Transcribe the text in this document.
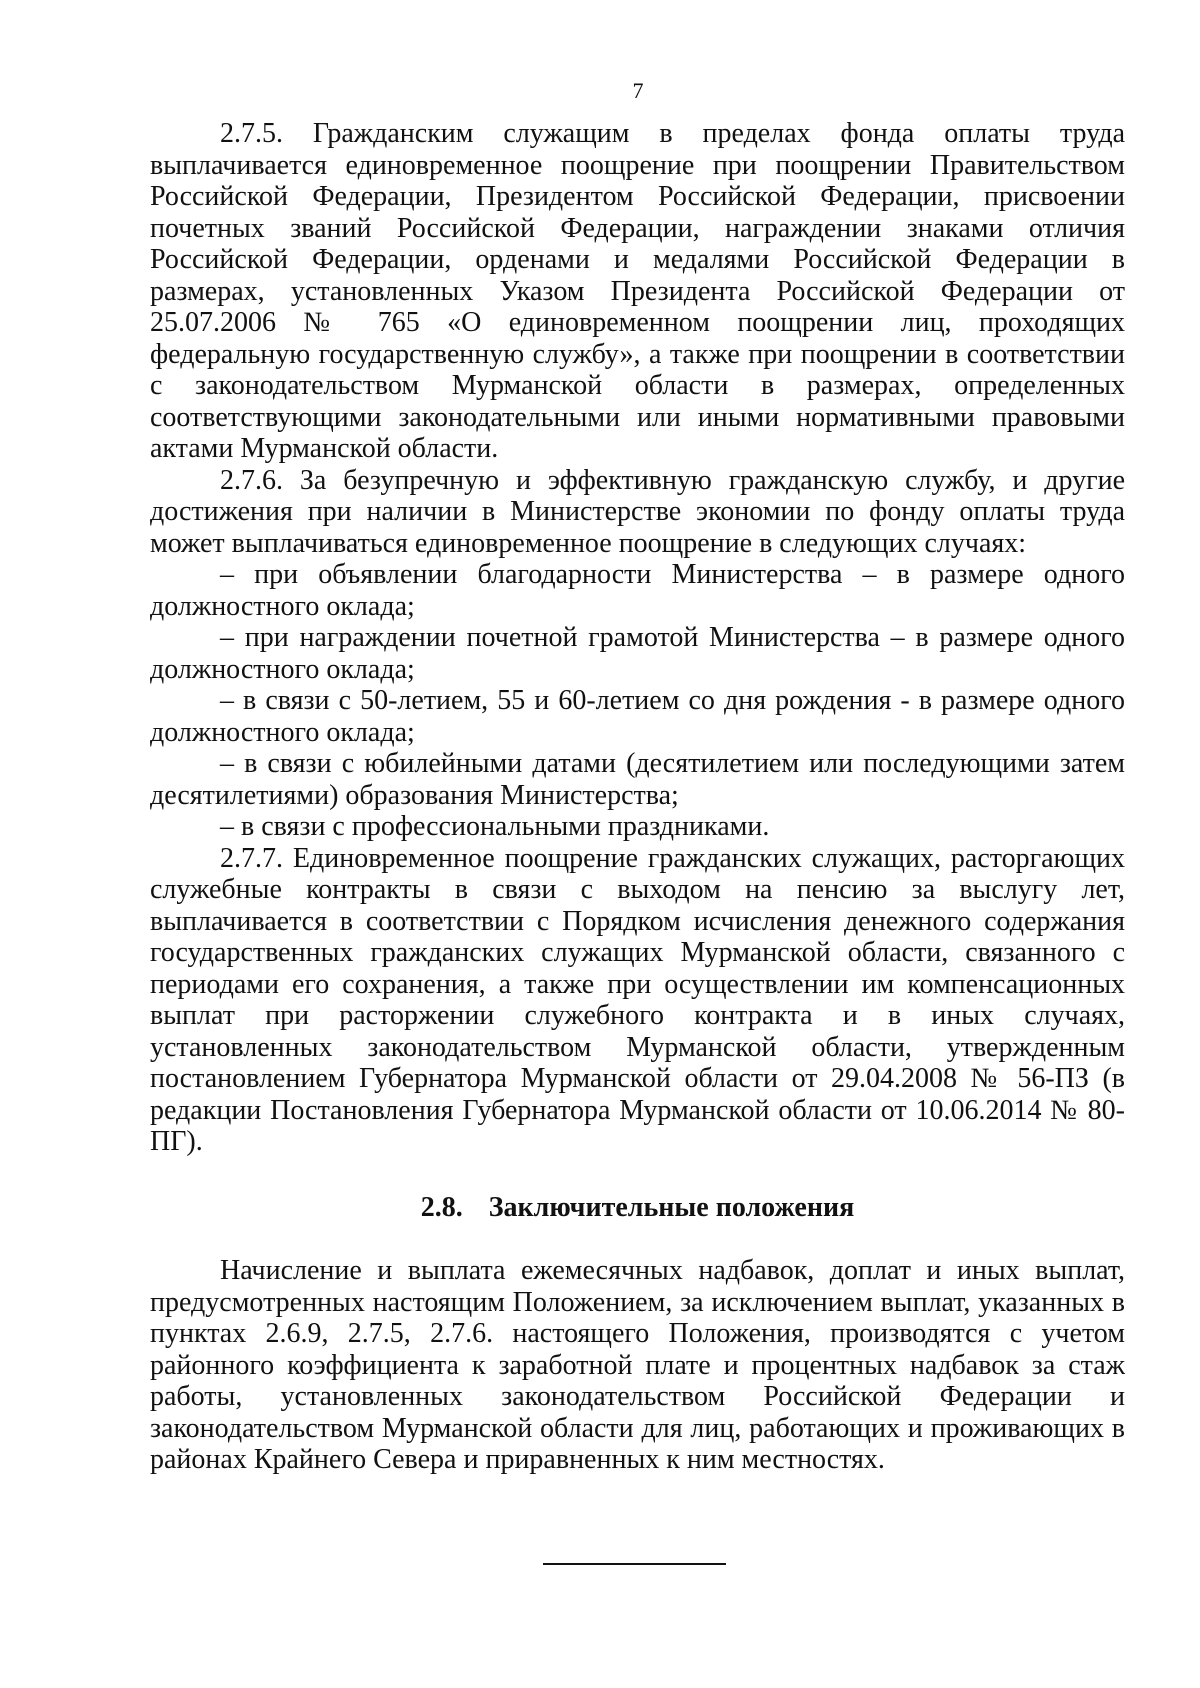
7

2.7.5. Гражданским служащим в пределах фонда оплаты труда выплачивается единовременное поощрение при поощрении Правительством Российской Федерации, Президентом Российской Федерации, присвоении почетных званий Российской Федерации, награждении знаками отличия Российской Федерации, орденами и медалями Российской Федерации в размерах, установленных Указом Президента Российской Федерации от 25.07.2006 № 765 «О единовременном поощрении лиц, проходящих федеральную государственную службу», а также при поощрении в соответствии с законодательством Мурманской области в размерах, определенных соответствующими законодательными или иными нормативными правовыми актами Мурманской области.

2.7.6. За безупречную и эффективную гражданскую службу, и другие достижения при наличии в Министерстве экономии по фонду оплаты труда может выплачиваться единовременное поощрение в следующих случаях:

– при объявлении благодарности Министерства – в размере одного должностного оклада;

– при награждении почетной грамотой Министерства – в размере одного должностного оклада;

– в связи с 50-летием, 55 и 60-летием со дня рождения - в размере одного должностного оклада;

– в связи с юбилейными датами (десятилетием или последующими затем десятилетиями) образования Министерства;

– в связи с профессиональными праздниками.

2.7.7. Единовременное поощрение гражданских служащих, расторгающих служебные контракты в связи с выходом на пенсию за выслугу лет, выплачивается в соответствии с Порядком исчисления денежного содержания государственных гражданских служащих Мурманской области, связанного с периодами его сохранения, а также при осуществлении им компенсационных выплат при расторжении служебного контракта и в иных случаях, установленных законодательством Мурманской области, утвержденным постановлением Губернатора Мурманской области от 29.04.2008 № 56-ПЗ (в редакции Постановления Губернатора Мурманской области от 10.06.2014 № 80-ПГ).

2.8. Заключительные положения

Начисление и выплата ежемесячных надбавок, доплат и иных выплат, предусмотренных настоящим Положением, за исключением выплат, указанных в пунктах 2.6.9, 2.7.5, 2.7.6. настоящего Положения, производятся с учетом районного коэффициента к заработной плате и процентных надбавок за стаж работы, установленных законодательством Российской Федерации и законодательством Мурманской области для лиц, работающих и проживающих в районах Крайнего Севера и приравненных к ним местностях.
